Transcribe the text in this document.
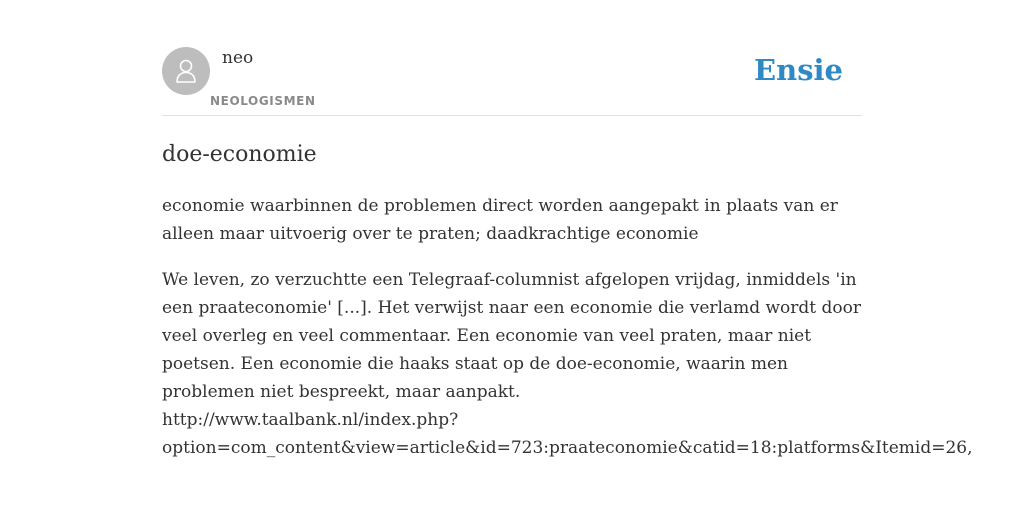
neo
NEOLOGISMEN
Ensie
doe-economie
economie waarbinnen de problemen direct worden aangepakt in plaats van er alleen maar uitvoerig over te praten; daadkrachtige economie
We leven, zo verzuchtte een Telegraaf-columnist afgelopen vrijdag, inmiddels 'in een praateconomie' [...]. Het verwijst naar een economie die verlamd wordt door veel overleg en veel commentaar. Een economie van veel praten, maar niet poetsen. Een economie die haaks staat op de doe-economie, waarin men problemen niet bespreekt, maar aanpakt.
http://www.taalbank.nl/index.php?
option=com_content&view=article&id=723:praateconomie&catid=18:platforms&Itemid=26,
